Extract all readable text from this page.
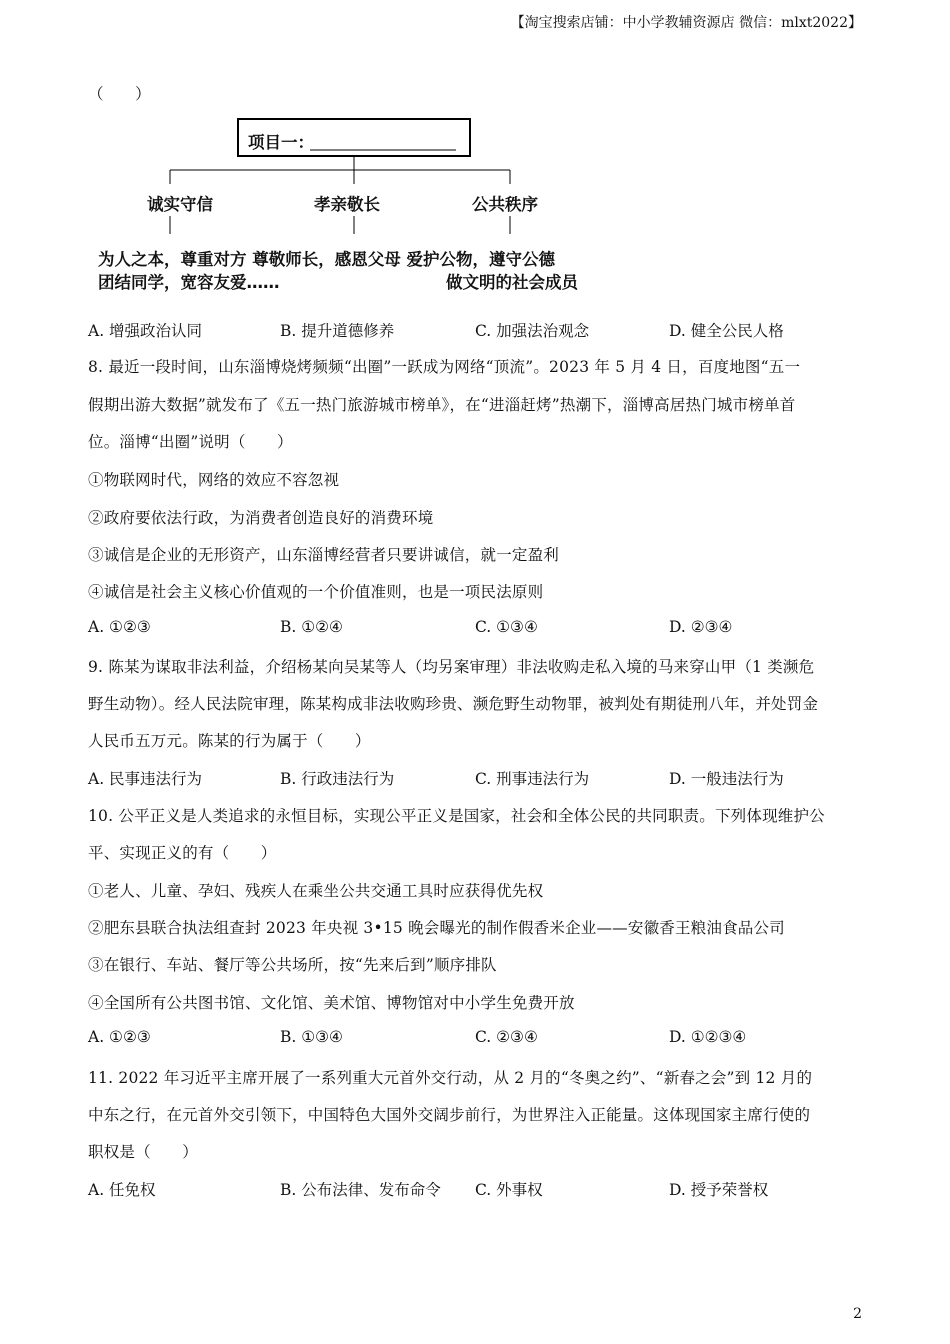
【淘宝搜索店铺：中小学教辅资源店 微信：mlxt2022】
（　　）
项目一：
诚实守信	孝亲敬长	公共秩序
为人之本，尊重对方 尊敬师长，感恩父母 爱护公物，遵守公德
团结同学，宽容友爱……	做文明的社会成员
A. 增强政治认同	B. 提升道德修养	C. 加强法治观念	D. 健全公民人格
8. 最近一段时间，山东淄博烧烤频频“出圈”一跃成为网络“顶流”。2023 年 5 月 4 日，百度地图“五一
假期出游大数据”就发布了《五一热门旅游城市榜单》，在“进淄赶烤”热潮下，淄博高居热门城市榜单首
位。淄博“出圈”说明（　　）
①物联网时代，网络的效应不容忽视
②政府要依法行政，为消费者创造良好的消费环境
③诚信是企业的无形资产，山东淄博经营者只要讲诚信，就一定盈利
④诚信是社会主义核心价值观的一个价值准则，也是一项民法原则
A. ①②③	B. ①②④	C. ①③④	D. ②③④
9. 陈某为谋取非法利益，介绍杨某向吴某等人（均另案审理）非法收购走私入境的马来穿山甲（1 类濒危
野生动物）。经人民法院审理，陈某构成非法收购珍贵、濒危野生动物罪，被判处有期徒刑八年，并处罚金
人民币五万元。陈某的行为属于（　　）
A. 民事违法行为	B. 行政违法行为	C. 刑事违法行为	D. 一般违法行为
10. 公平正义是人类追求的永恒目标，实现公平正义是国家，社会和全体公民的共同职责。下列体现维护公
平、实现正义的有（　　）
①老人、儿童、孕妇、残疾人在乘坐公共交通工具时应获得优先权
②肥东县联合执法组查封 2023 年央视 3•15 晚会曝光的制作假香米企业——安徽香王粮油食品公司
③在银行、车站、餐厅等公共场所，按“先来后到”顺序排队
④全国所有公共图书馆、文化馆、美术馆、博物馆对中小学生免费开放
A. ①②③	B. ①③④	C. ②③④	D. ①②③④
11. 2022 年习近平主席开展了一系列重大元首外交行动，从 2 月的“冬奥之约”、“新春之会”到 12 月的
中东之行，在元首外交引领下，中国特色大国外交阔步前行，为世界注入正能量。这体现国家主席行使的
职权是（　　）
A. 任免权	B. 公布法律、发布命令 C. 外事权	D. 授予荣誉权
2
